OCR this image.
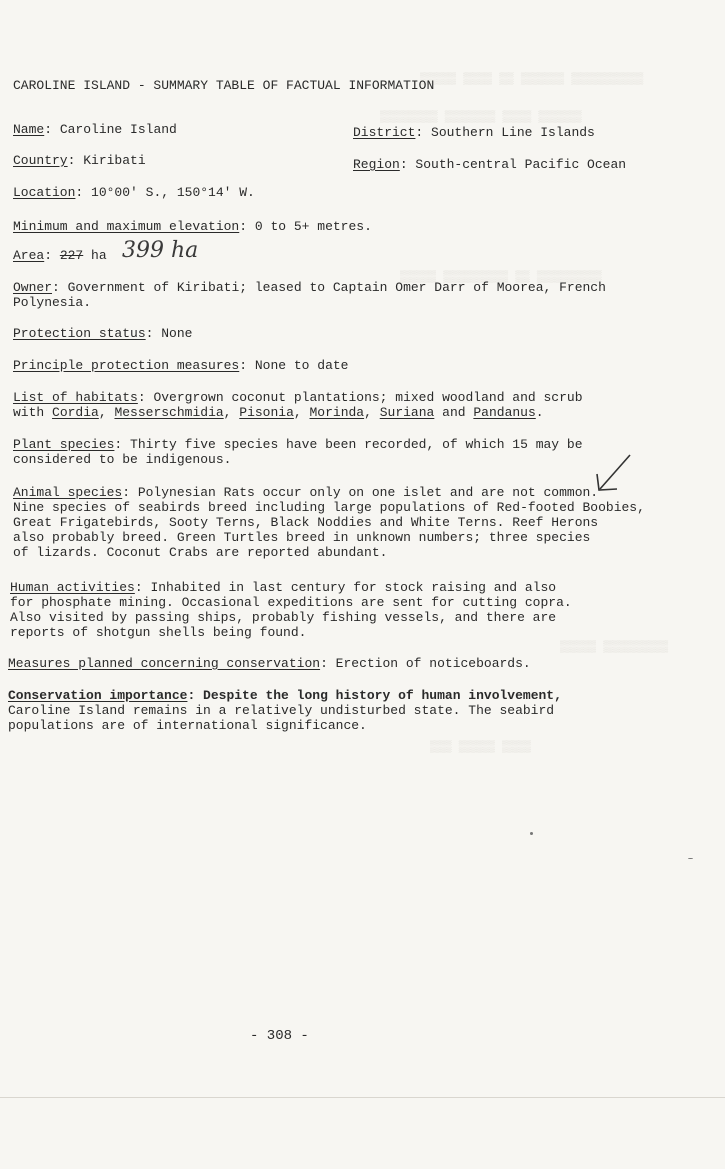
▒▒▒▒▒ ▒▒▒▒ ▒▒ ▒▒▒▒▒▒ ▒▒▒▒▒▒▒▒▒▒
▒▒▒▒▒▒▒▒ ▒▒▒▒▒▒▒ ▒▒▒▒ ▒▒▒▒▒▒
▒▒▒▒▒ ▒▒▒▒▒▒▒▒▒ ▒▒ ▒▒▒▒▒▒▒▒▒
▒▒▒▒▒ ▒▒▒▒▒▒▒▒▒
▒▒▒ ▒▒▒▒▒ ▒▒▒▒
CAROLINE ISLAND - SUMMARY TABLE OF FACTUAL INFORMATION
Name: Caroline Island	District: Southern Line Islands
Country: Kiribati	Region: South-central Pacific Ocean
Location: 10°00' S., 150°14' W.
Minimum and maximum elevation: 0 to 5+ metres.
Area: 227 ha 399 ha
Owner: Government of Kiribati; leased to Captain Omer Darr of Moorea, French
Polynesia.
Protection status: None
Principle protection measures: None to date
List of habitats: Overgrown coconut plantations; mixed woodland and scrub
with Cordia, Messerschmidia, Pisonia, Morinda, Suriana and Pandanus.
Plant species: Thirty five species have been recorded, of which 15 may be
considered to be indigenous.
Animal species: Polynesian Rats occur only on one islet and are not common.
Nine species of seabirds breed including large populations of Red-footed Boobies,
Great Frigatebirds, Sooty Terns, Black Noddies and White Terns. Reef Herons
also probably breed. Green Turtles breed in unknown numbers; three species
of lizards. Coconut Crabs are reported abundant.
Human activities: Inhabited in last century for stock raising and also
for phosphate mining. Occasional expeditions are sent for cutting copra.
Also visited by passing ships, probably fishing vessels, and there are
reports of shotgun shells being found.
Measures planned concerning conservation: Erection of noticeboards.
Conservation importance: Despite the long history of human involvement,
Caroline Island remains in a relatively undisturbed state. The seabird
populations are of international significance.
- 308 -
